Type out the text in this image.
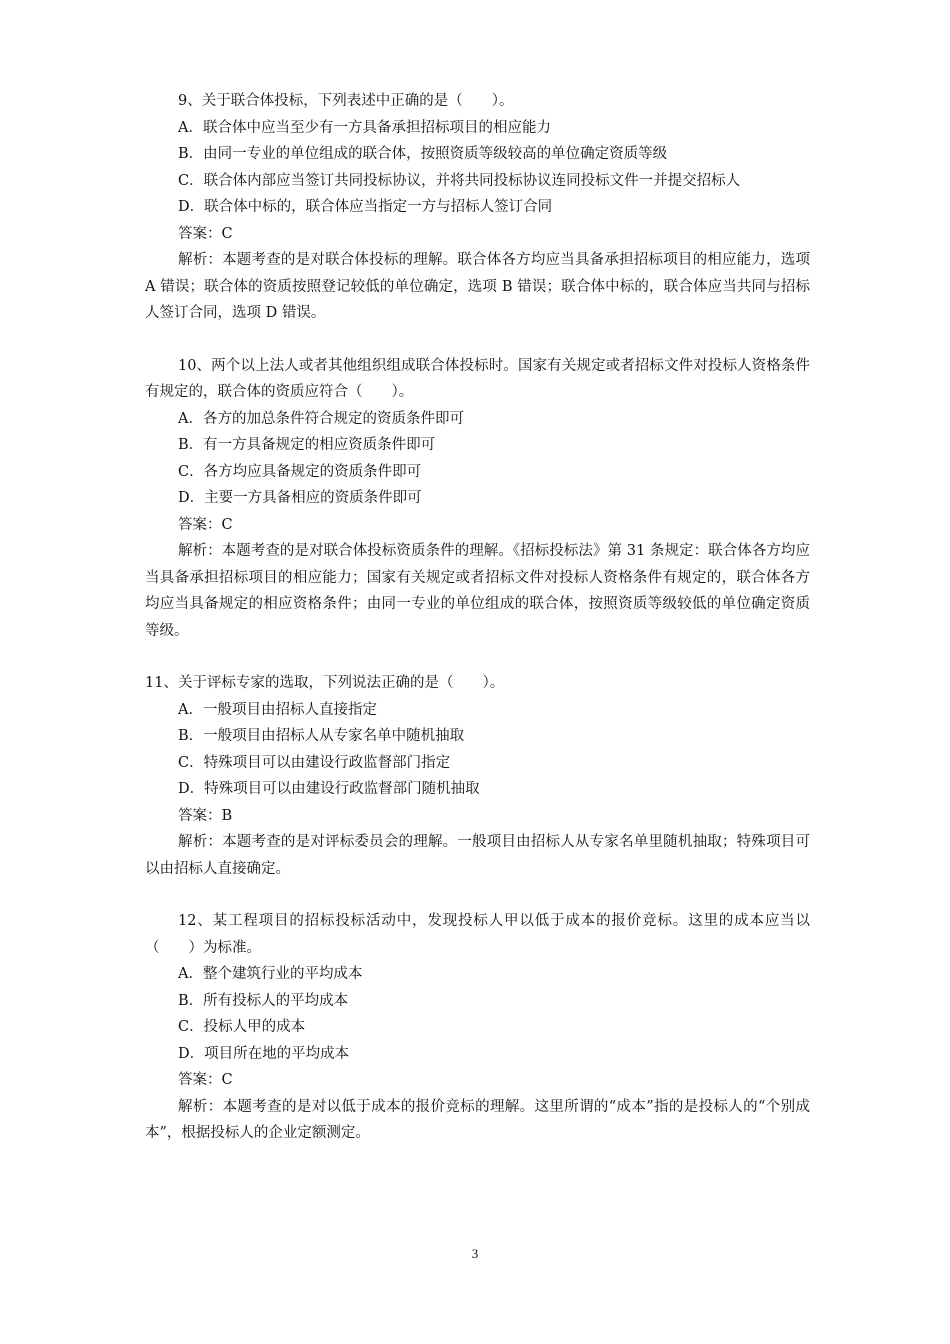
9、关于联合体投标，下列表述中正确的是（　　）。
A．联合体中应当至少有一方具备承担招标项目的相应能力
B．由同一专业的单位组成的联合体，按照资质等级较高的单位确定资质等级
C．联合体内部应当签订共同投标协议，并将共同投标协议连同投标文件一并提交招标人
D．联合体中标的，联合体应当指定一方与招标人签订合同
答案：C
解析：本题考查的是对联合体投标的理解。联合体各方均应当具备承担招标项目的相应能力，选项 A 错误；联合体的资质按照登记较低的单位确定，选项 B 错误；联合体中标的，联合体应当共同与招标人签订合同，选项 D 错误。
10、两个以上法人或者其他组织组成联合体投标时。国家有关规定或者招标文件对投标人资格条件有规定的，联合体的资质应符合（　　）。
A．各方的加总条件符合规定的资质条件即可
B．有一方具备规定的相应资质条件即可
C．各方均应具备规定的资质条件即可
D．主要一方具备相应的资质条件即可
答案：C
解析：本题考查的是对联合体投标资质条件的理解。《招标投标法》第 31 条规定：联合体各方均应当具备承担招标项目的相应能力；国家有关规定或者招标文件对投标人资格条件有规定的，联合体各方均应当具备规定的相应资格条件；由同一专业的单位组成的联合体，按照资质等级较低的单位确定资质等级。
11、关于评标专家的选取，下列说法正确的是（　　）。
A．一般项目由招标人直接指定
B．一般项目由招标人从专家名单中随机抽取
C．特殊项目可以由建设行政监督部门指定
D．特殊项目可以由建设行政监督部门随机抽取
答案：B
解析：本题考查的是对评标委员会的理解。一般项目由招标人从专家名单里随机抽取；特殊项目可以由招标人直接确定。
12、某工程项目的招标投标活动中，发现投标人甲以低于成本的报价竞标。这里的成本应当以（　　）为标准。
A．整个建筑行业的平均成本
B．所有投标人的平均成本
C．投标人甲的成本
D．项目所在地的平均成本
答案：C
解析：本题考查的是对以低于成本的报价竞标的理解。这里所谓的“成本”指的是投标人的“个别成本”，根据投标人的企业定额测定。
3
